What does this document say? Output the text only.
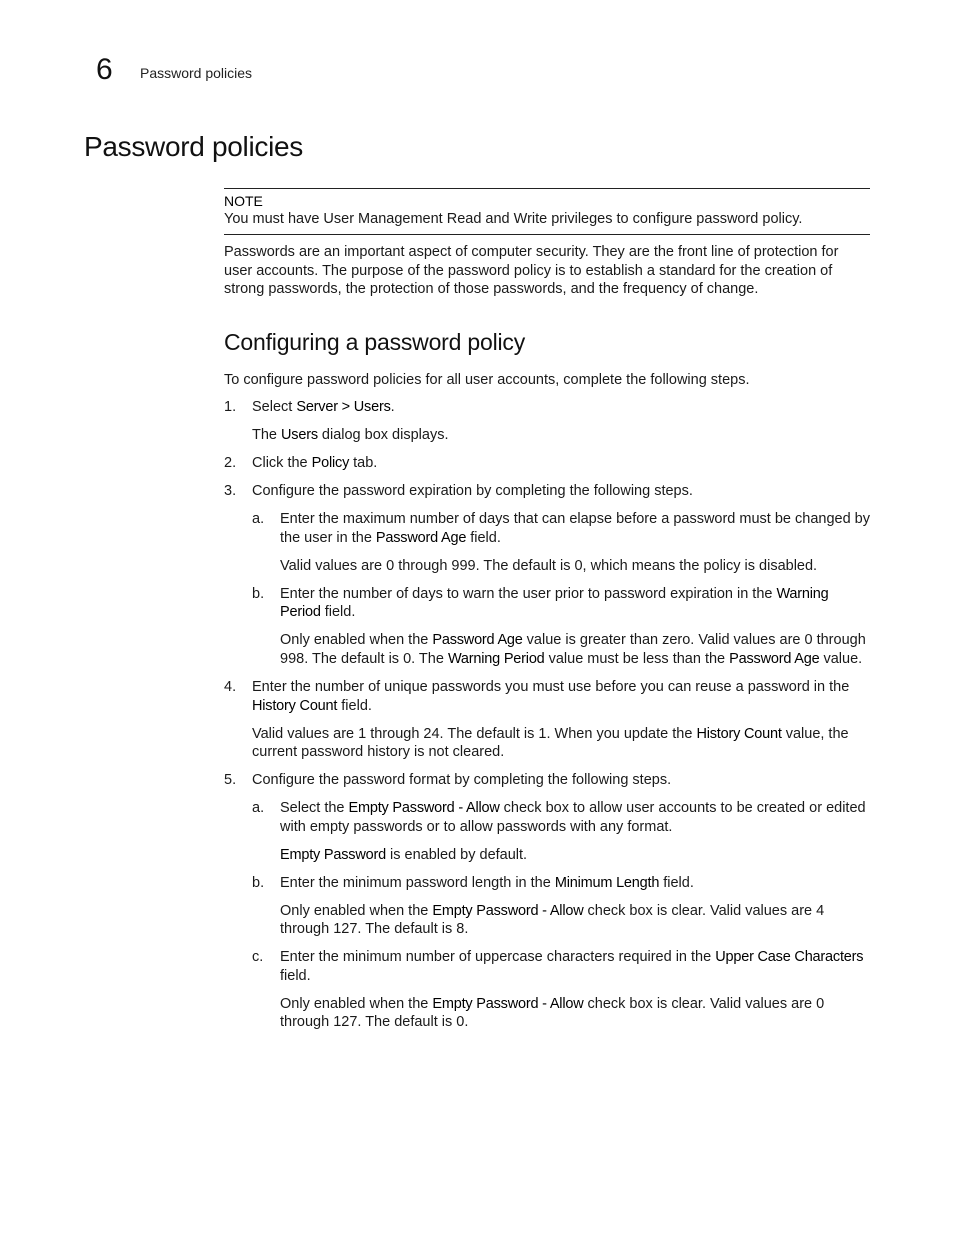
6 Password policies
Password policies
NOTE
You must have User Management Read and Write privileges to configure password policy.

Passwords are an important aspect of computer security. They are the front line of protection for user accounts. The purpose of the password policy is to establish a standard for the creation of strong passwords, the protection of those passwords, and the frequency of change.

Configuring a password policy

To configure password policies for all user accounts, complete the following steps.

1. Select Server > Users.
The Users dialog box displays.
2. Click the Policy tab.
3. Configure the password expiration by completing the following steps.
a. Enter the maximum number of days that can elapse before a password must be changed by the user in the Password Age field.
Valid values are 0 through 999. The default is 0, which means the policy is disabled.
b. Enter the number of days to warn the user prior to password expiration in the Warning Period field.
Only enabled when the Password Age value is greater than zero. Valid values are 0 through 998. The default is 0. The Warning Period value must be less than the Password Age value.
4. Enter the number of unique passwords you must use before you can reuse a password in the History Count field.
Valid values are 1 through 24. The default is 1. When you update the History Count value, the current password history is not cleared.
5. Configure the password format by completing the following steps.
a. Select the Empty Password - Allow check box to allow user accounts to be created or edited with empty passwords or to allow passwords with any format.
Empty Password is enabled by default.
b. Enter the minimum password length in the Minimum Length field.
Only enabled when the Empty Password - Allow check box is clear. Valid values are 4 through 127. The default is 8.
c. Enter the minimum number of uppercase characters required in the Upper Case Characters field.
Only enabled when the Empty Password - Allow check box is clear. Valid values are 0 through 127. The default is 0.
